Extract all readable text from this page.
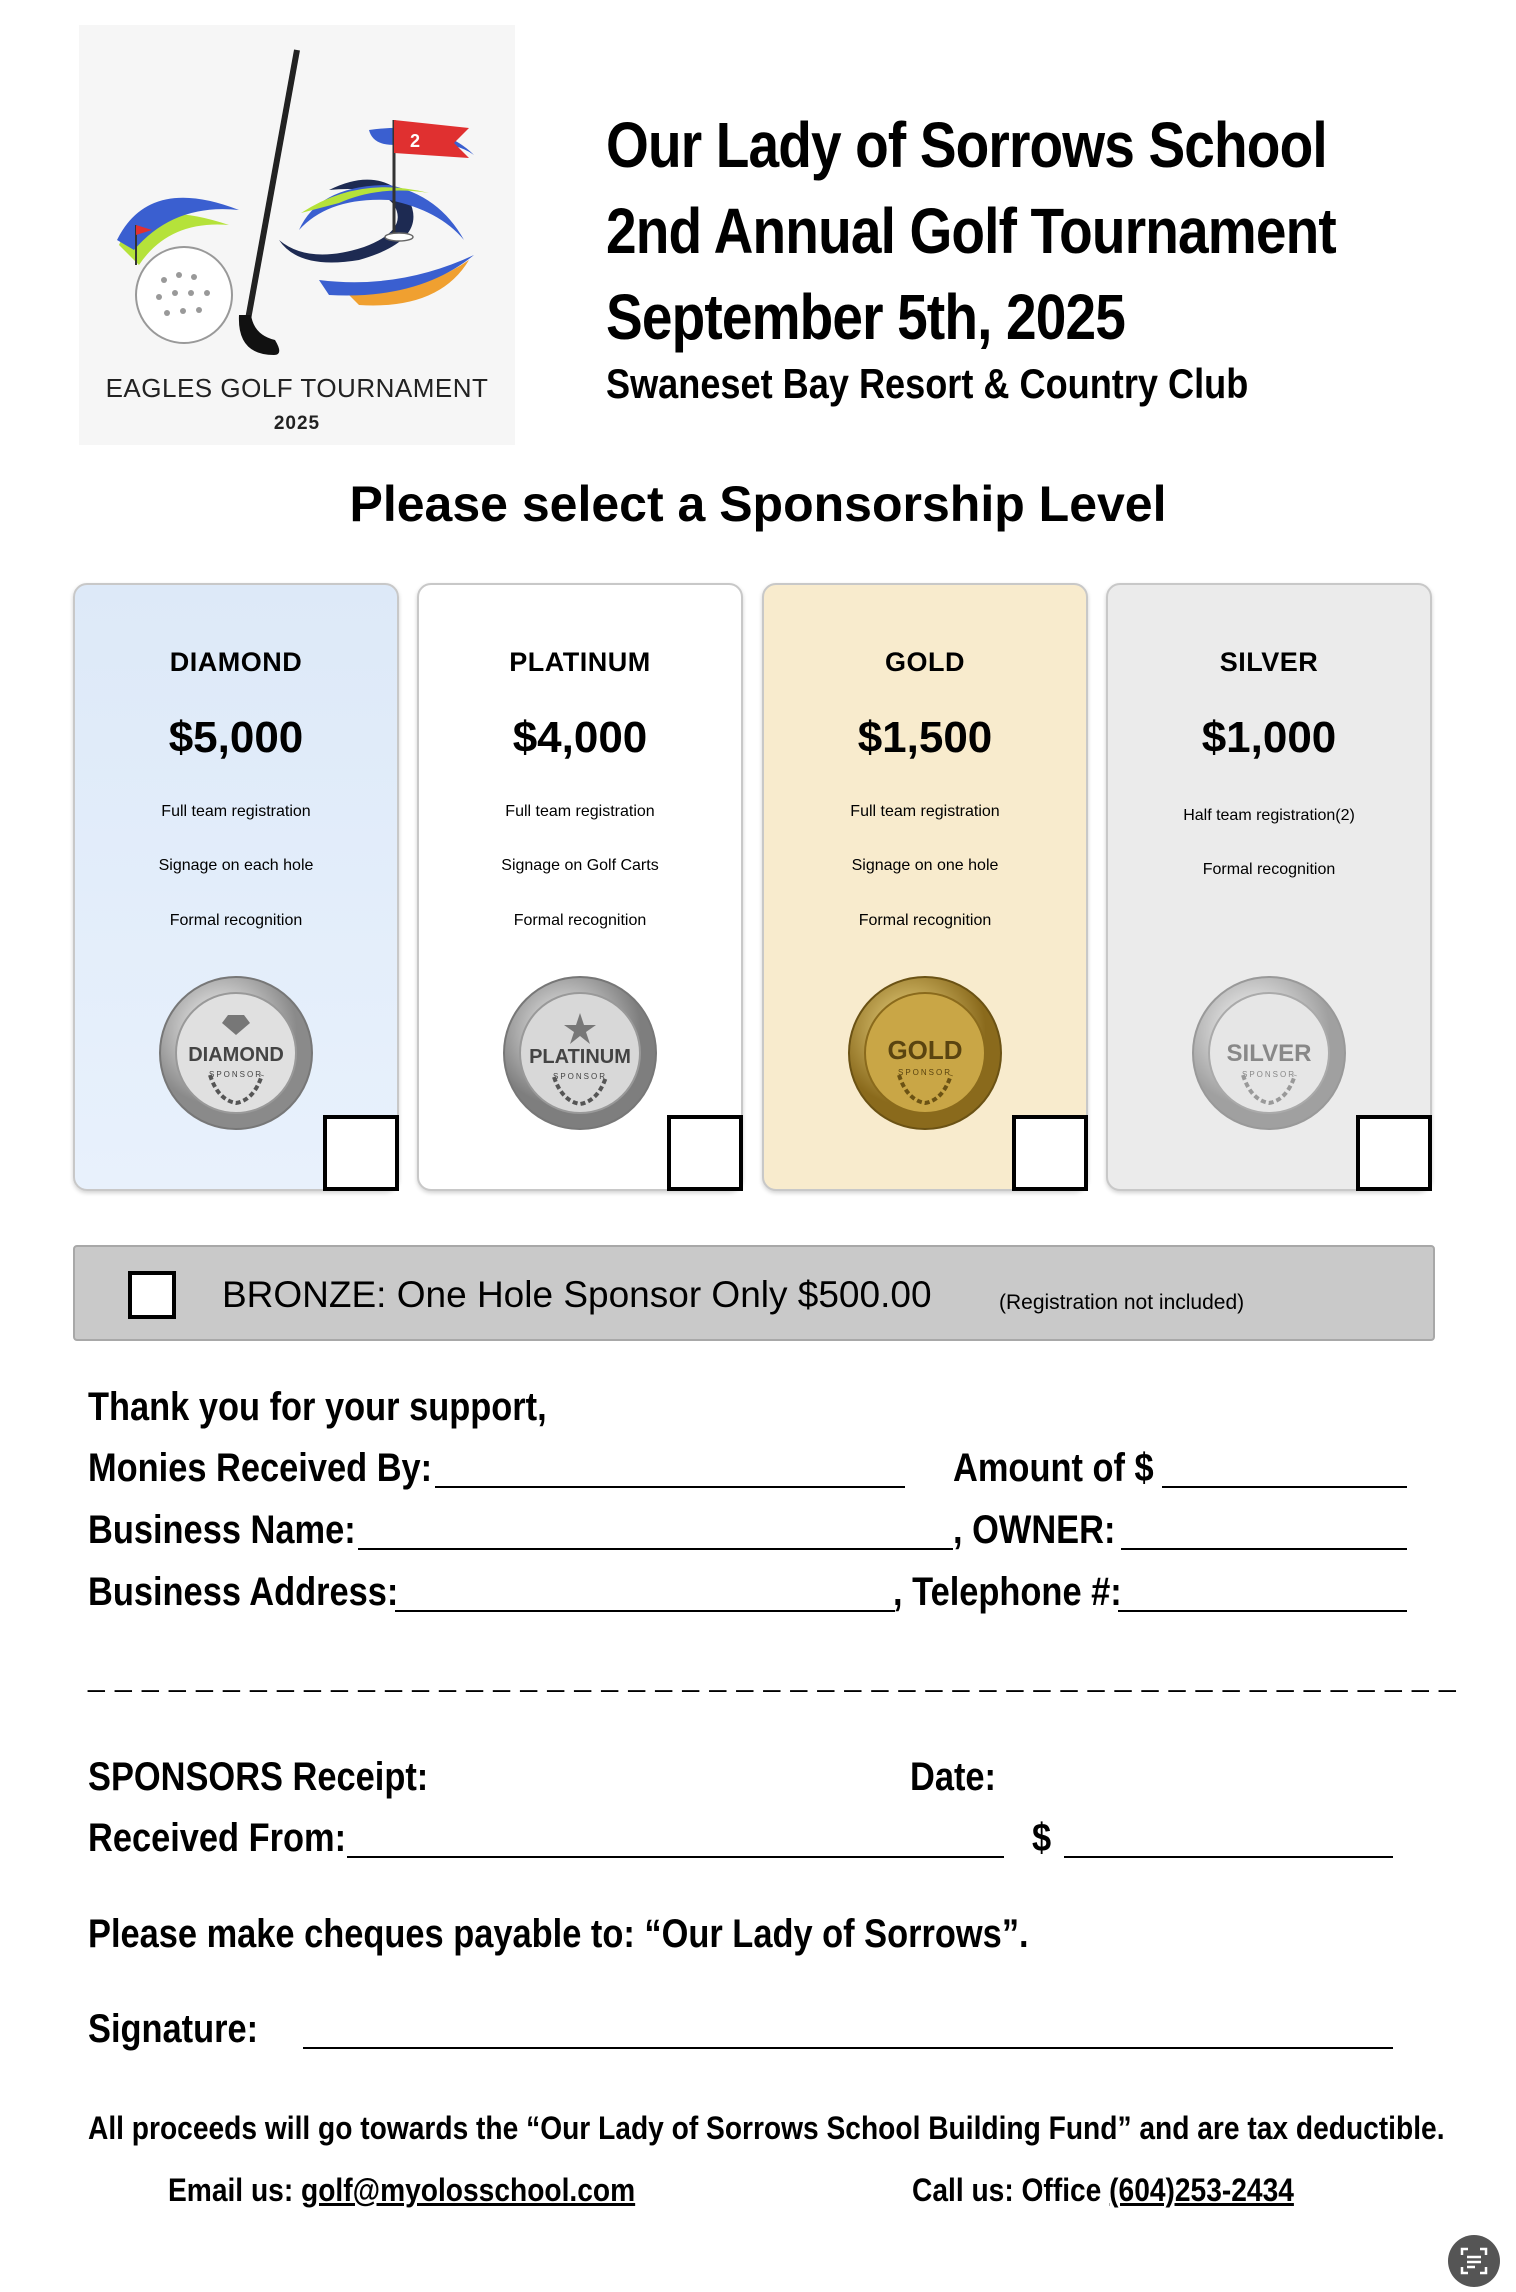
2
EAGLES GOLF TOURNAMENT
2025
Our Lady of Sorrows School
2nd Annual Golf Tournament
September 5th, 2025
Swaneset Bay Resort & Country Club
Please select a Sponsorship Level
DIAMOND
$5,000
Full team registration
Signage on each hole
Formal recognition
DIAMOND
SPONSOR
PLATINUM
$4,000
Full team registration
Signage on Golf Carts
Formal recognition
PLATINUM
SPONSOR
GOLD
$1,500
Full team registration
Signage on one hole
Formal recognition
GOLD
SPONSOR
SILVER
$1,000
Half team registration(2)
Formal recognition
SILVER
SPONSOR
BRONZE: One Hole Sponsor Only $500.00	(Registration not included)
Thank you for your support,
Monies Received By:	Amount of $
Business Name:	, OWNER:
Business Address:	, Telephone #:
_ _ _ _ _ _ _ _ _ _ _ _ _ _ _ _ _ _ _ _ _ _ _ _ _ _ _ _ _ _ _ _ _ _ _ _ _ _ _ _ _ _ _ _ _ _ _ _ _ _ _
SPONSORS Receipt:	Date:
Received From:	$
Please make cheques payable to: “Our Lady of Sorrows”.
Signature:
All proceeds will go towards the “Our Lady of Sorrows School Building Fund” and are tax deductible.
Email us: golf@myolosschool.com	Call us: Office (604)253-2434
